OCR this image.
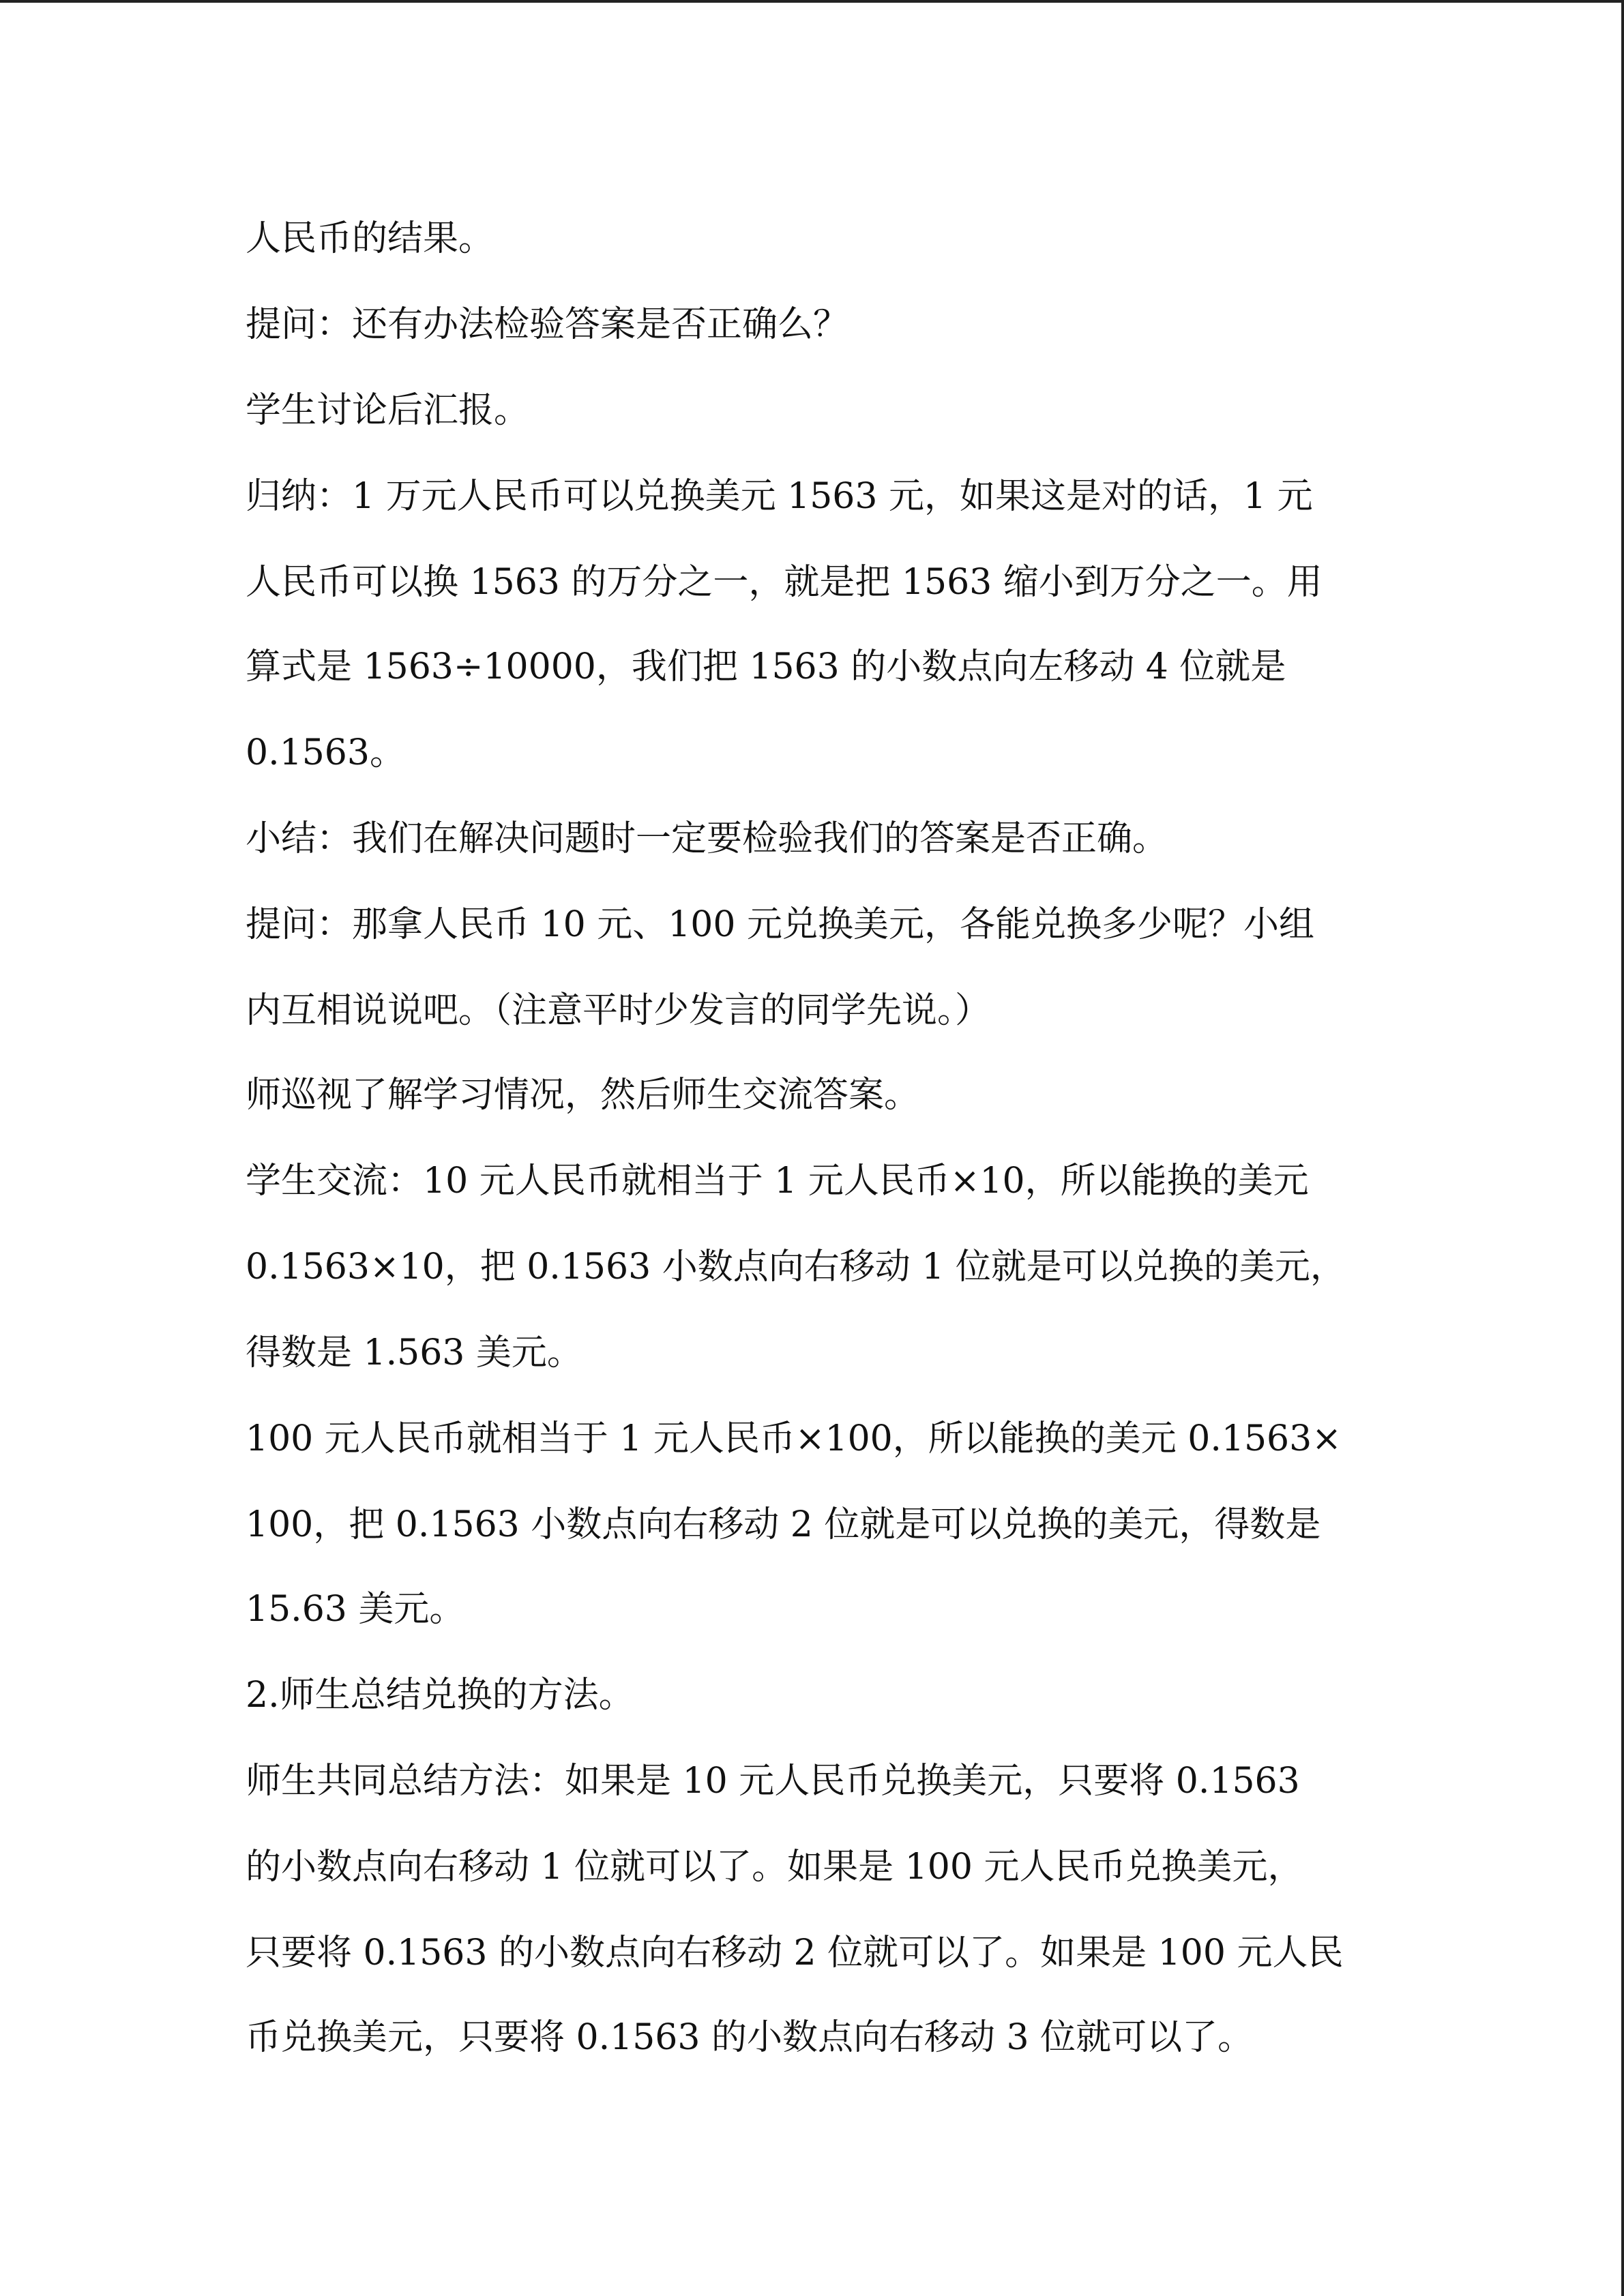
人民币的结果。
提问：还有办法检验答案是否正确么？
学生讨论后汇报。
归纳：1 万元人民币可以兑换美元 1563 元，如果这是对的话，1 元
人民币可以换 1563 的万分之一，就是把 1563 缩小到万分之一。用
算式是 1563÷10000，我们把 1563 的小数点向左移动 4 位就是
0.1563。
小结：我们在解决问题时一定要检验我们的答案是否正确。
提问：那拿人民币 10 元、100 元兑换美元，各能兑换多少呢？小组
内互相说说吧。（注意平时少发言的同学先说。）
师巡视了解学习情况，然后师生交流答案。
学生交流：10 元人民币就相当于 1 元人民币×10，所以能换的美元
0.1563×10，把 0.1563 小数点向右移动 1 位就是可以兑换的美元，
得数是 1.563 美元。
100 元人民币就相当于 1 元人民币×100，所以能换的美元 0.1563×
100，把 0.1563 小数点向右移动 2 位就是可以兑换的美元，得数是
15.63 美元。
2.师生总结兑换的方法。
师生共同总结方法：如果是 10 元人民币兑换美元，只要将 0.1563
的小数点向右移动 1 位就可以了。如果是 100 元人民币兑换美元，
只要将 0.1563 的小数点向右移动 2 位就可以了。如果是 100 元人民
币兑换美元，只要将 0.1563 的小数点向右移动 3 位就可以了。
